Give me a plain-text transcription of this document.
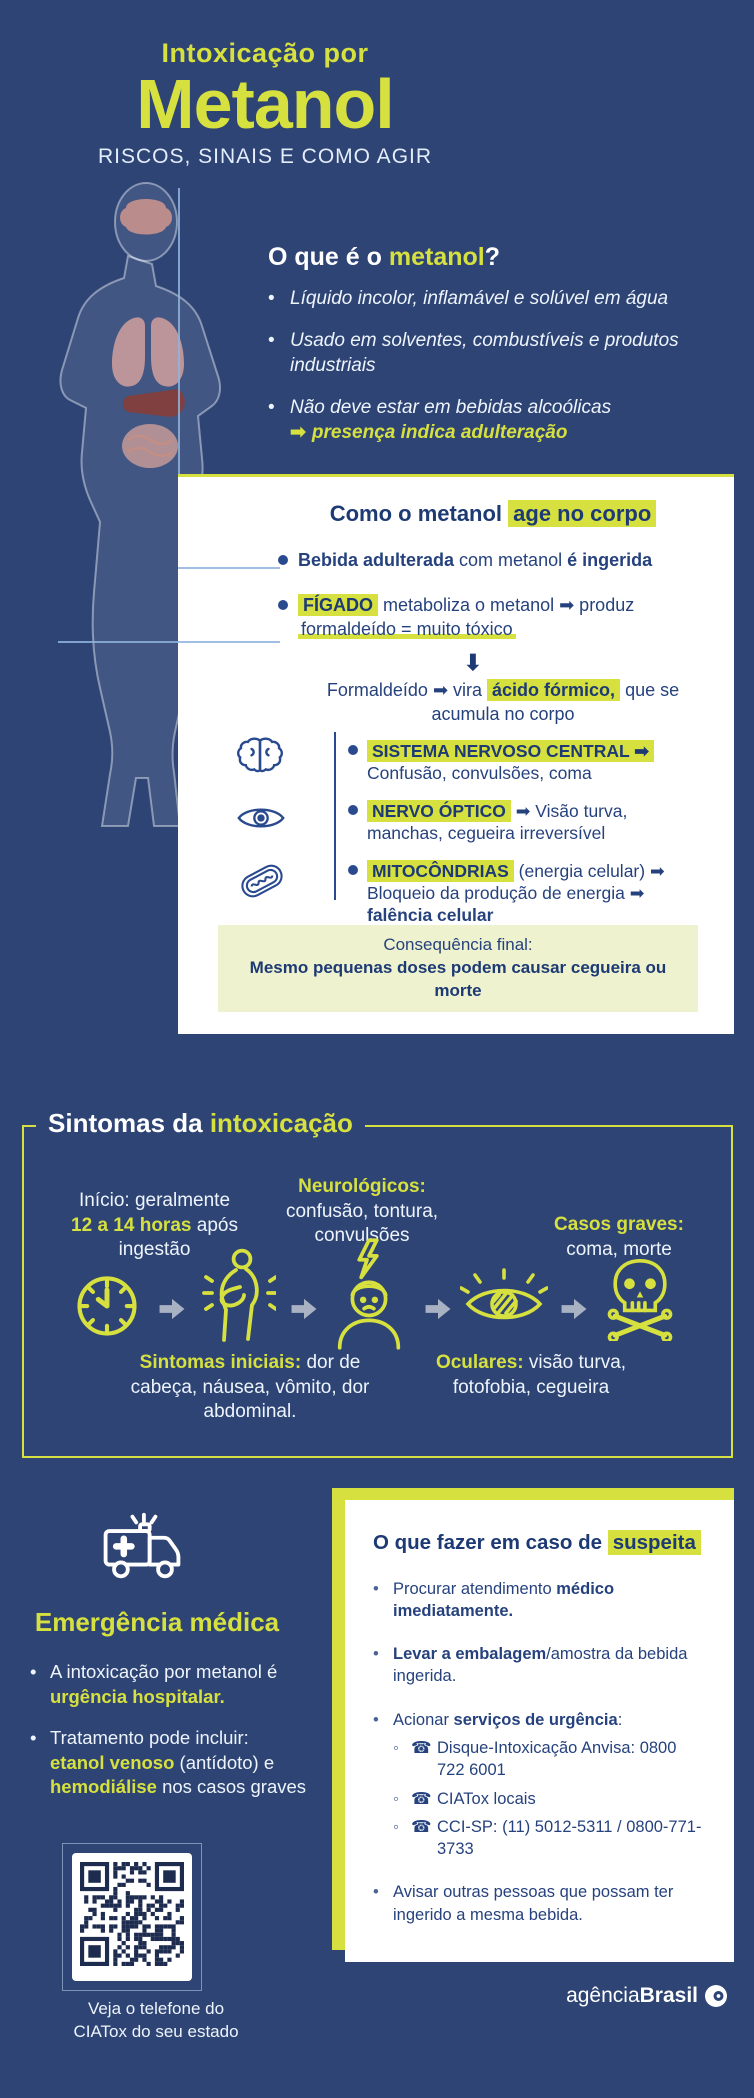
Intoxicação por
Metanol
RISCOS, SINAIS E COMO AGIR
O que é o metanol?
• Líquido incolor, inflamável e solúvel em água
• Usado em solventes, combustíveis e produtos industriais
• Não deve estar em bebidas alcoólicas
➡ presença indica adulteração
Como o metanol age no corpo
Bebida adulterada com metanol é ingerida
FÍGADO metaboliza o metanol ➡ produz
formaldeído = muito tóxico
➡
Formaldeído ➡ vira ácido fórmico, que se acumula no corpo
SISTEMA NERVOSO CENTRAL ➡
Confusão, convulsões, coma
NERVO ÓPTICO ➡ Visão turva, manchas, cegueira irreversível
MITOCÔNDRIAS (energia celular) ➡ Bloqueio da produção de energia ➡ falência celular
Consequência final:
Mesmo pequenas doses podem causar cegueira ou morte
Sintomas da intoxicação
Início: geralmente
12 a 14 horas após
ingestão
Neurológicos:
confusão, tontura, convulsões
Casos graves:
coma, morte
Sintomas iniciais: dor de cabeça, náusea, vômito, dor abdominal.
Oculares: visão turva, fotofobia, cegueira
Emergência médica
• A intoxicação por metanol é
urgência hospitalar.
• Tratamento pode incluir:
etanol venoso (antídoto) e
hemodiálise nos casos graves
Veja o telefone do
CIATox do seu estado
O que fazer em caso de suspeita
• Procurar atendimento médico imediatamente.
• Levar a embalagem/amostra da bebida ingerida.
• Acionar serviços de urgência:
◦ ☎ Disque-Intoxicação Anvisa: 0800 722 6001
◦ ☎ CIATox locais
◦ ☎ CCI-SP: (11) 5012-5311 / 0800-771-3733
• Avisar outras pessoas que possam ter ingerido a mesma bebida.
agência Brasil
